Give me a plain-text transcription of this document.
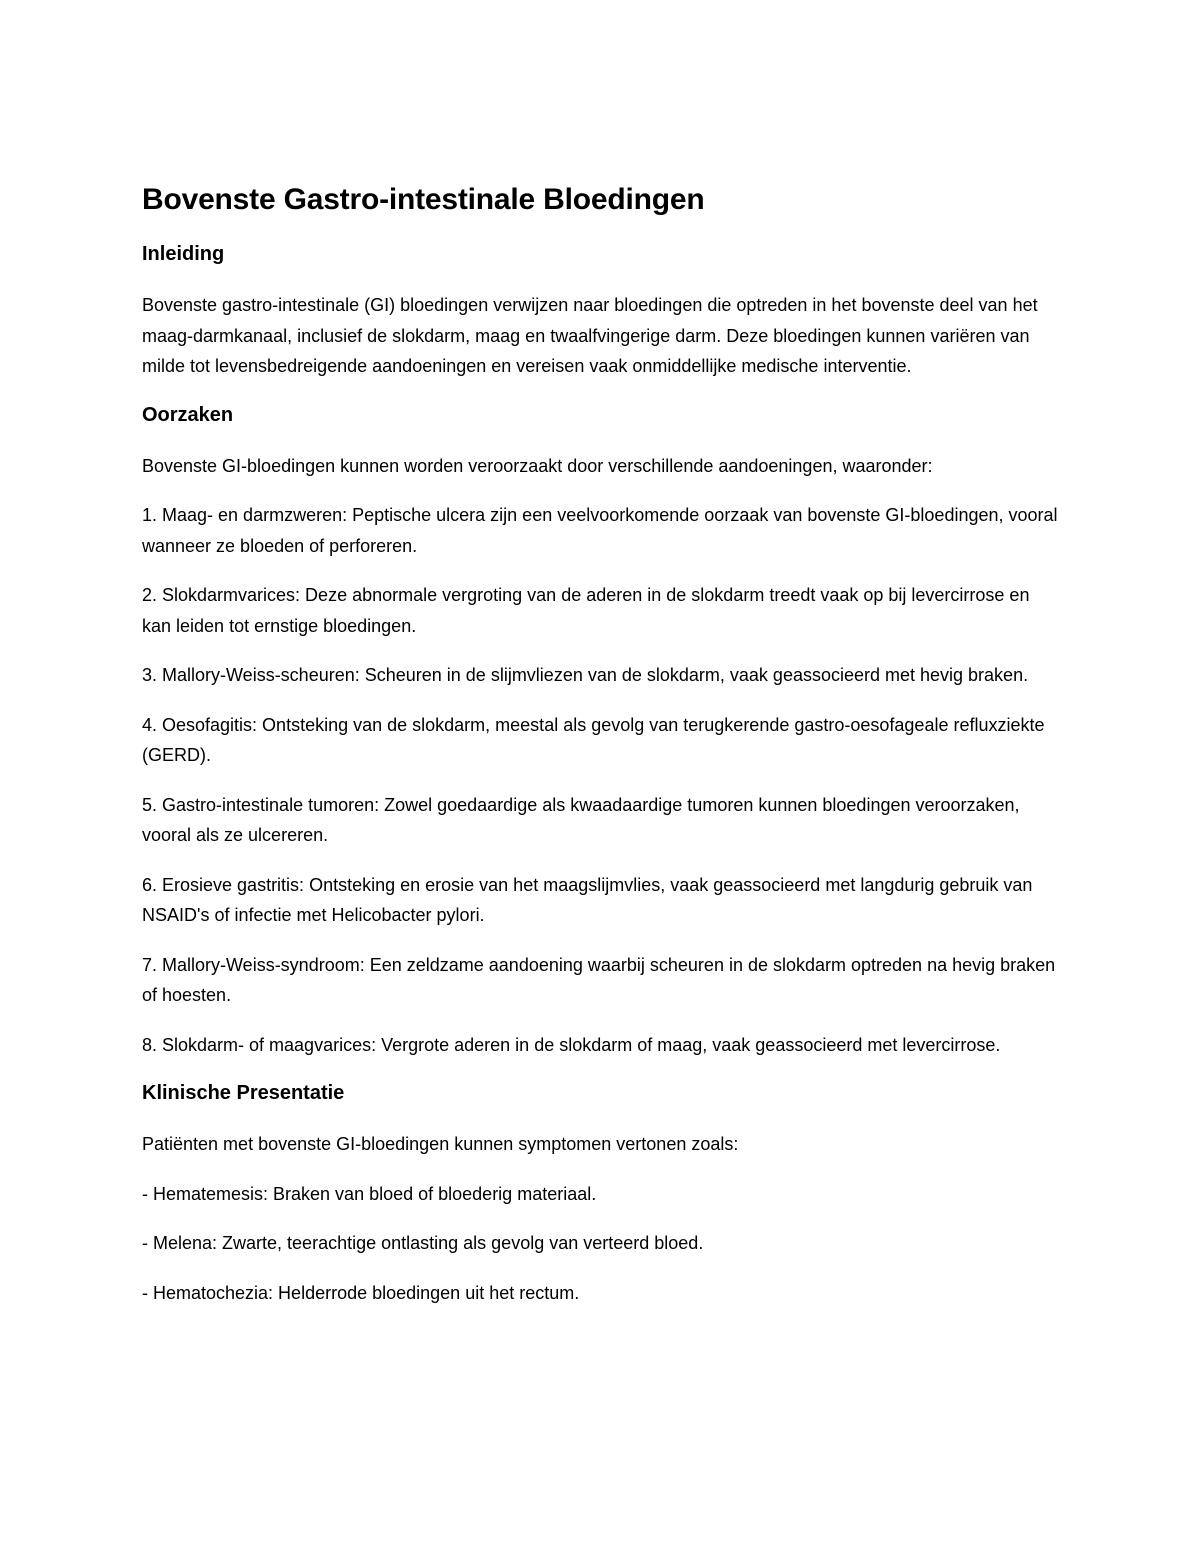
Bovenste Gastro-intestinale Bloedingen
Inleiding

Bovenste gastro-intestinale (GI) bloedingen verwijzen naar bloedingen die optreden in het bovenste deel van het maag-darmkanaal, inclusief de slokdarm, maag en twaalfvingerige darm. Deze bloedingen kunnen variëren van milde tot levensbedreigende aandoeningen en vereisen vaak onmiddellijke medische interventie.

Oorzaken

Bovenste GI-bloedingen kunnen worden veroorzaakt door verschillende aandoeningen, waaronder:

1. Maag- en darmzweren: Peptische ulcera zijn een veelvoorkomende oorzaak van bovenste GI-bloedingen, vooral wanneer ze bloeden of perforeren.

2. Slokdarmvarices: Deze abnormale vergroting van de aderen in de slokdarm treedt vaak op bij levercirrose en kan leiden tot ernstige bloedingen.

3. Mallory-Weiss-scheuren: Scheuren in de slijmvliezen van de slokdarm, vaak geassocieerd met hevig braken.

4. Oesofagitis: Ontsteking van de slokdarm, meestal als gevolg van terugkerende gastro-oesofageale refluxziekte (GERD).

5. Gastro-intestinale tumoren: Zowel goedaardige als kwaadaardige tumoren kunnen bloedingen veroorzaken, vooral als ze ulcereren.

6. Erosieve gastritis: Ontsteking en erosie van het maagslijmvlies, vaak geassocieerd met langdurig gebruik van NSAID's of infectie met Helicobacter pylori.

7. Mallory-Weiss-syndroom: Een zeldzame aandoening waarbij scheuren in de slokdarm optreden na hevig braken of hoesten.

8. Slokdarm- of maagvarices: Vergrote aderen in de slokdarm of maag, vaak geassocieerd met levercirrose.

Klinische Presentatie

Patiënten met bovenste GI-bloedingen kunnen symptomen vertonen zoals:

- Hematemesis: Braken van bloed of bloederig materiaal.

- Melena: Zwarte, teerachtige ontlasting als gevolg van verteerd bloed.

- Hematochezia: Helderrode bloedingen uit het rectum.
